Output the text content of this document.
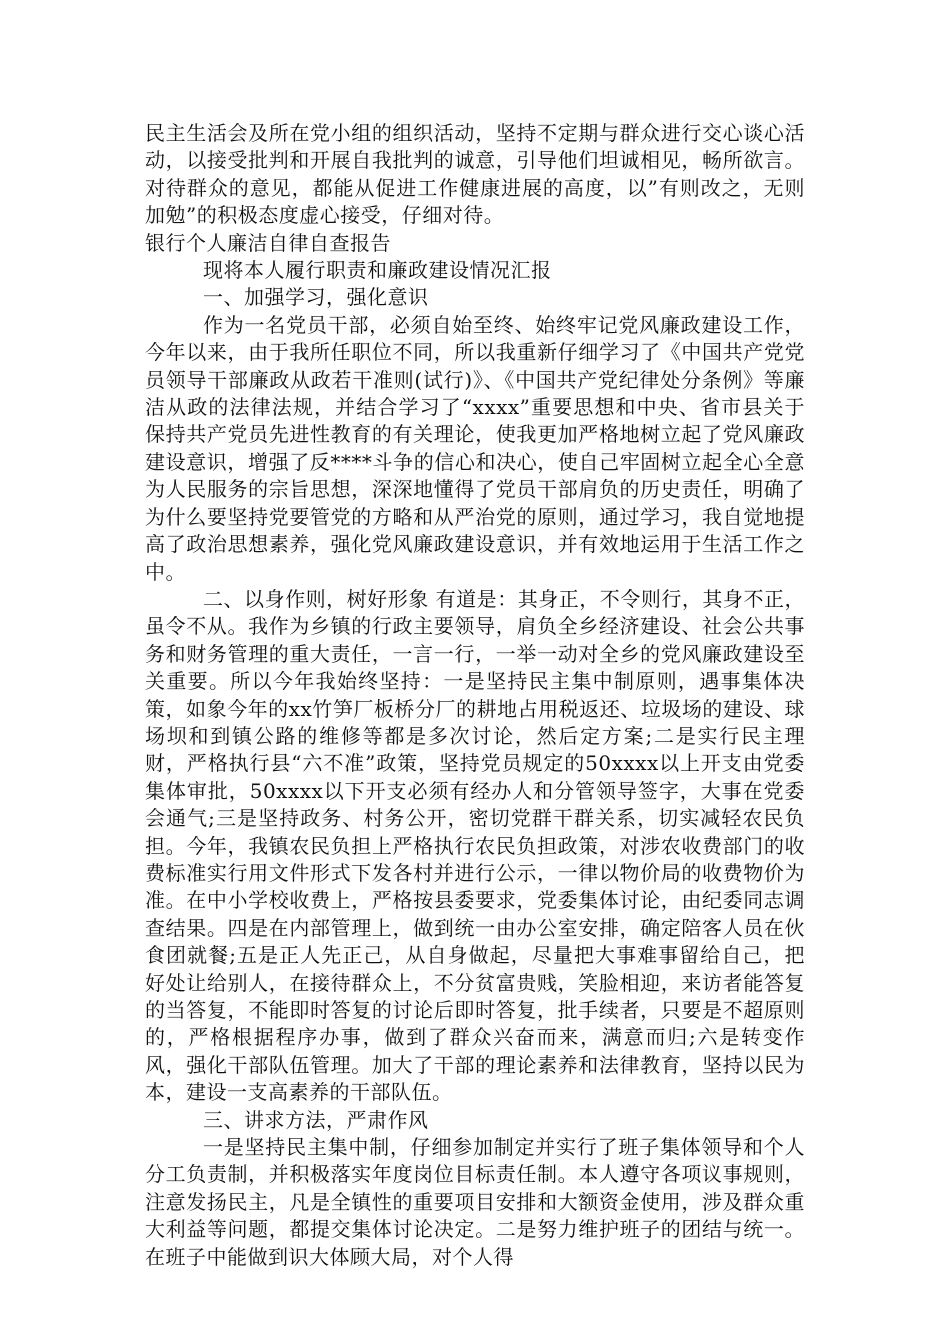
民主生活会及所在党小组的组织活动，坚持不定期与群众进行交心谈心活动，以接受批判和开展自我批判的诚意，引导他们坦诚相见，畅所欲言。对待群众的意见，都能从促进工作健康进展的高度，以”有则改之，无则加勉”的积极态度虚心接受，仔细对待。

银行个人廉洁自律自查报告

现将本人履行职责和廉政建设情况汇报

一、加强学习，强化意识

作为一名党员干部，必须自始至终、始终牢记党风廉政建设工作，今年以来，由于我所任职位不同，所以我重新仔细学习了《中国共产党党员领导干部廉政从政若干准则(试行)》、《中国共产党纪律处分条例》等廉洁从政的法律法规，并结合学习了“xxxx”重要思想和中央、省市县关于保持共产党员先进性教育的有关理论，使我更加严格地树立起了党风廉政建设意识，增强了反****斗争的信心和决心，使自己牢固树立起全心全意为人民服务的宗旨思想，深深地懂得了党员干部肩负的历史责任，明确了为什么要坚持党要管党的方略和从严治党的原则，通过学习，我自觉地提高了政治思想素养，强化党风廉政建设意识，并有效地运用于生活工作之中。

二、以身作则，树好形象 有道是：其身正，不令则行，其身不正，虽令不从。我作为乡镇的行政主要领导，肩负全乡经济建设、社会公共事务和财务管理的重大责任，一言一行，一举一动对全乡的党风廉政建设至关重要。所以今年我始终坚持：一是坚持民主集中制原则，遇事集体决策，如象今年的xx竹笋厂板桥分厂的耕地占用税返还、垃圾场的建设、球场坝和到镇公路的维修等都是多次讨论，然后定方案;二是实行民主理财，严格执行县“六不准”政策，坚持党员规定的50xxxx以上开支由党委集体审批，50xxxx以下开支必须有经办人和分管领导签字，大事在党委会通气;三是坚持政务、村务公开，密切党群干群关系，切实减轻农民负担。今年，我镇农民负担上严格执行农民负担政策，对涉农收费部门的收费标准实行用文件形式下发各村并进行公示，一律以物价局的收费物价为准。在中小学校收费上，严格按县委要求，党委集体讨论，由纪委同志调查结果。四是在内部管理上，做到统一由办公室安排，确定陪客人员在伙食团就餐;五是正人先正己，从自身做起，尽量把大事难事留给自己，把好处让给别人，在接待群众上，不分贫富贵贱，笑脸相迎，来访者能答复的当答复，不能即时答复的讨论后即时答复，批手续者，只要是不超原则的，严格根据程序办事，做到了群众兴奋而来，满意而归;六是转变作风，强化干部队伍管理。加大了干部的理论素养和法律教育，坚持以民为本，建设一支高素养的干部队伍。

三、讲求方法，严肃作风

一是坚持民主集中制，仔细参加制定并实行了班子集体领导和个人分工负责制，并积极落实年度岗位目标责任制。本人遵守各项议事规则，注意发扬民主，凡是全镇性的重要项目安排和大额资金使用，涉及群众重大利益等问题，都提交集体讨论决定。二是努力维护班子的团结与统一。在班子中能做到识大体顾大局，对个人得
